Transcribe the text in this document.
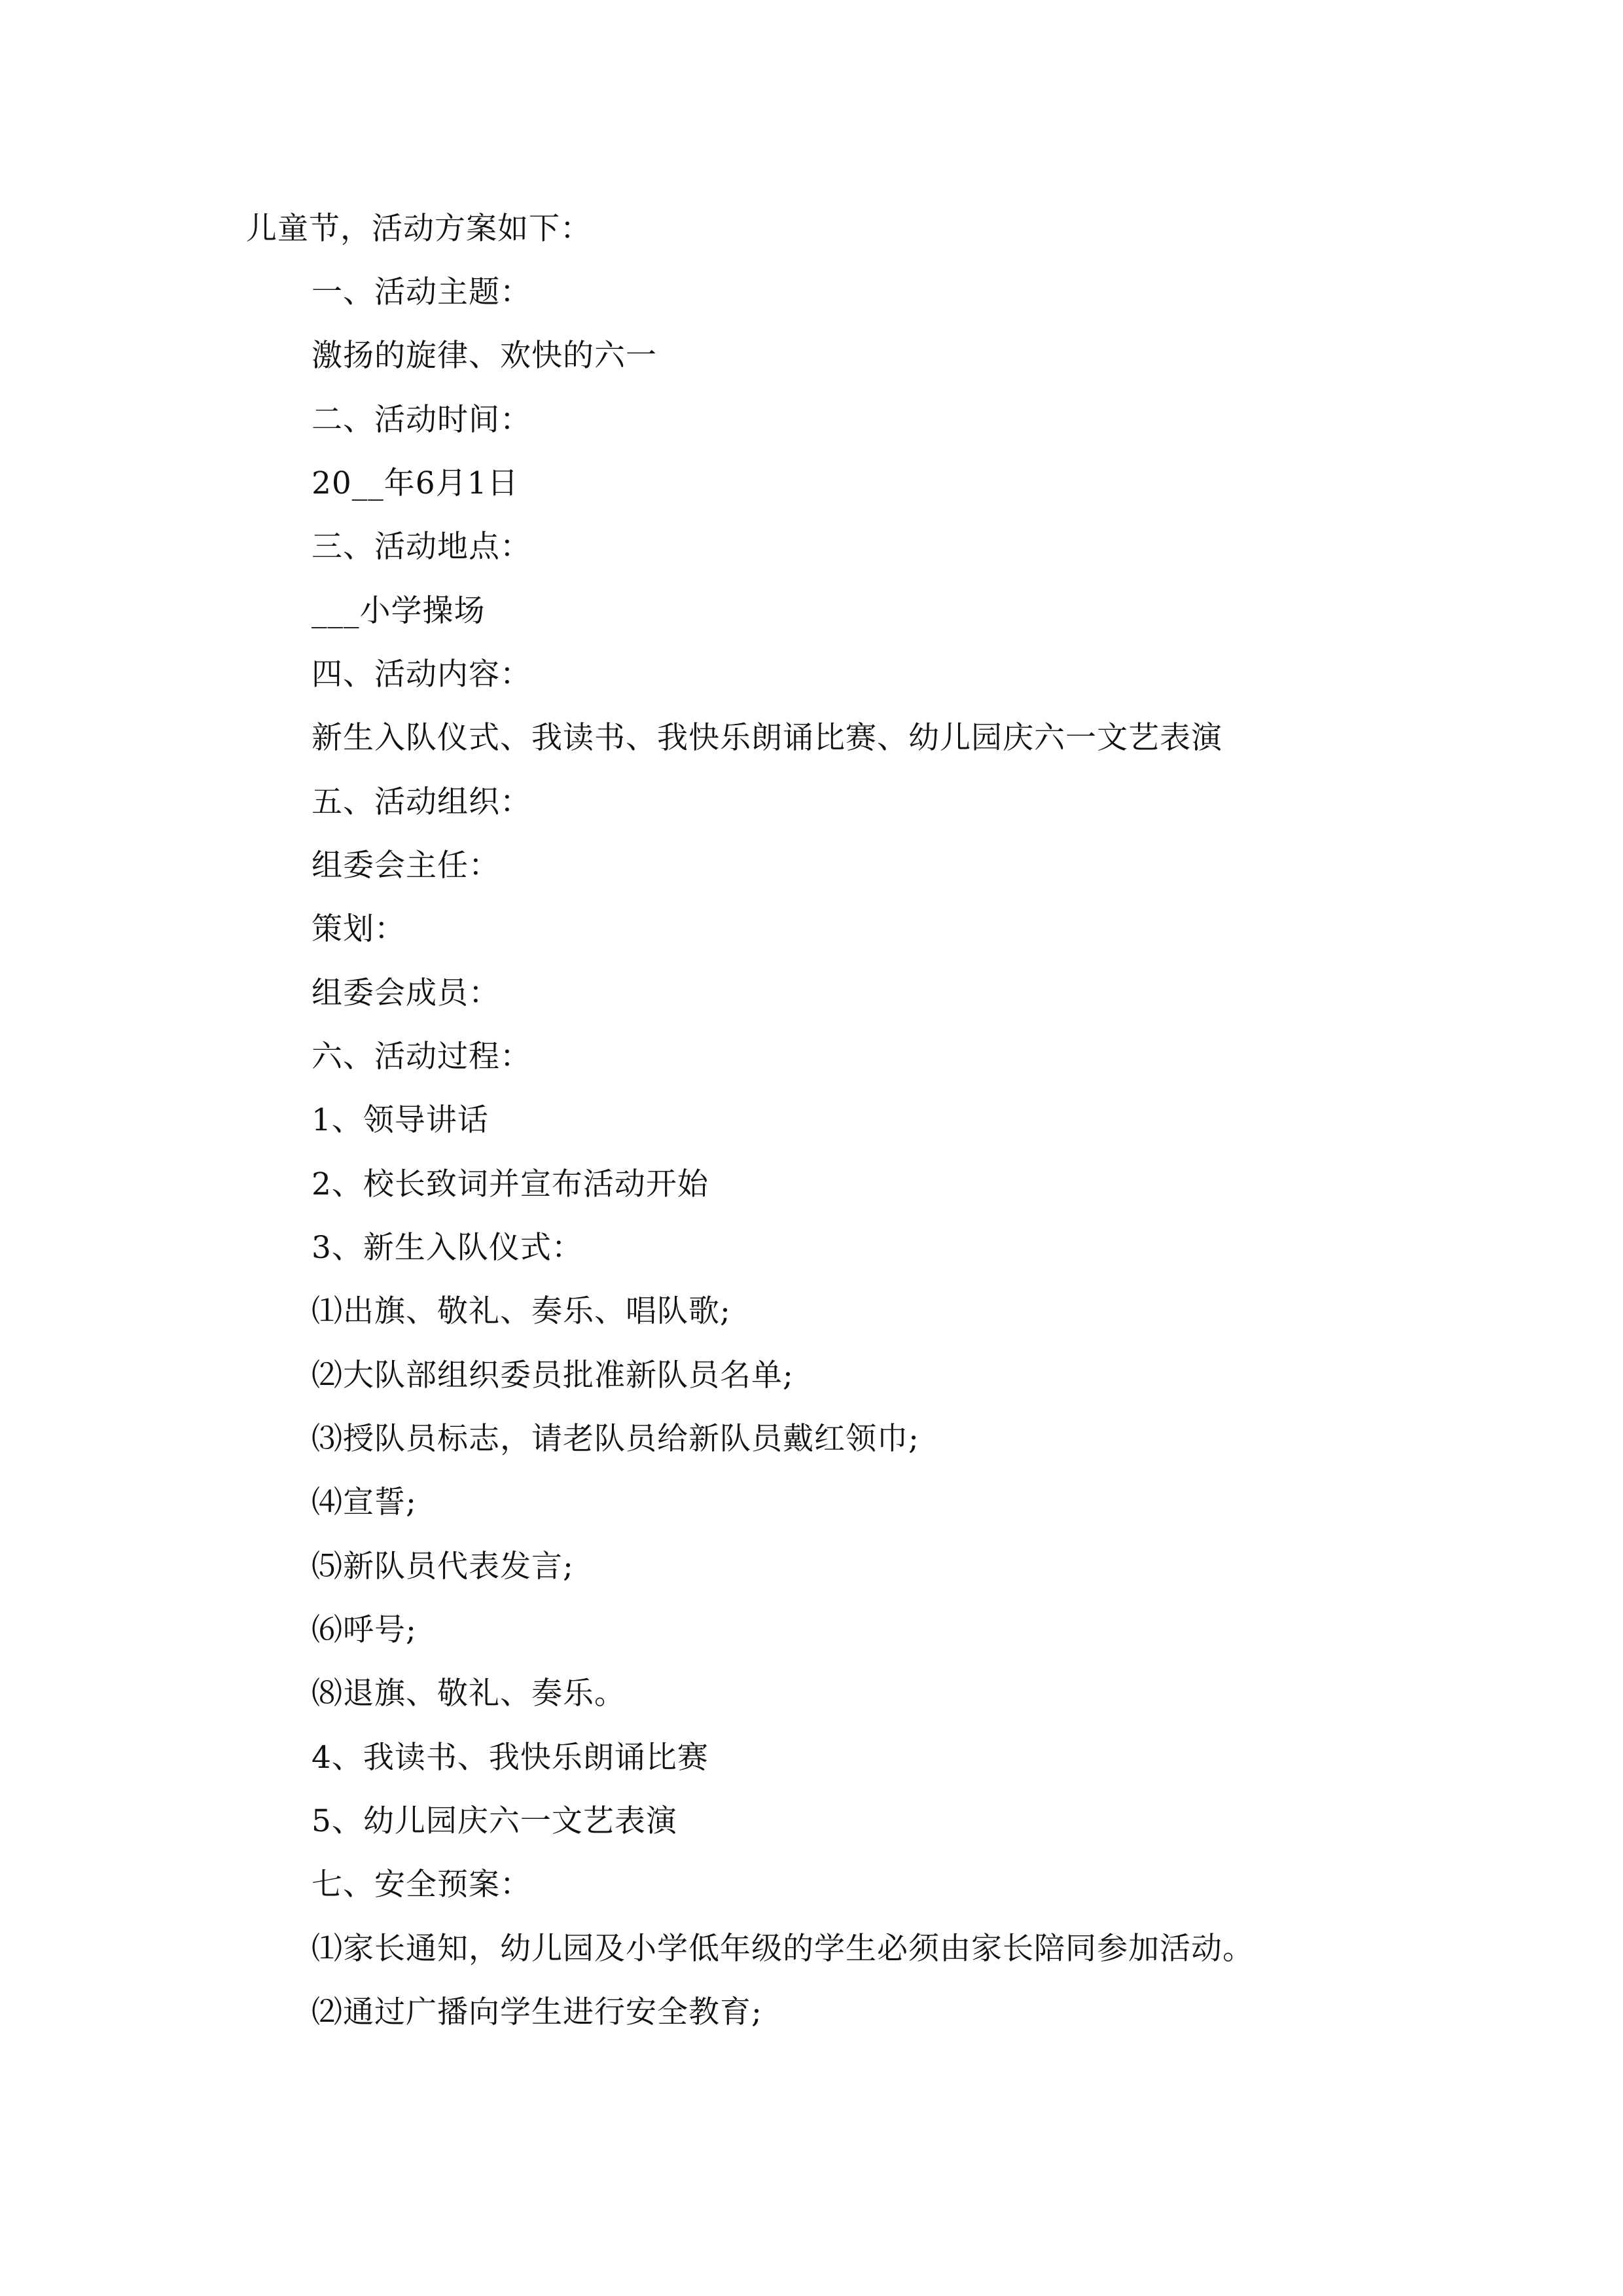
儿童节，活动方案如下：
一、活动主题：
激扬的旋律、欢快的六一
二、活动时间：
20__年6月1日
三、活动地点：
___小学操场
四、活动内容：
新生入队仪式、我读书、我快乐朗诵比赛、幼儿园庆六一文艺表演
五、活动组织：
组委会主任：
策划：
组委会成员：
六、活动过程：
1、领导讲话
2、校长致词并宣布活动开始
3、新生入队仪式：
⑴出旗、敬礼、奏乐、唱队歌;
⑵大队部组织委员批准新队员名单;
⑶授队员标志，请老队员给新队员戴红领巾;
⑷宣誓;
⑸新队员代表发言;
⑹呼号;
⑻退旗、敬礼、奏乐。
4、我读书、我快乐朗诵比赛
5、幼儿园庆六一文艺表演
七、安全预案：
⑴家长通知，幼儿园及小学低年级的学生必须由家长陪同参加活动。
⑵通过广播向学生进行安全教育;
